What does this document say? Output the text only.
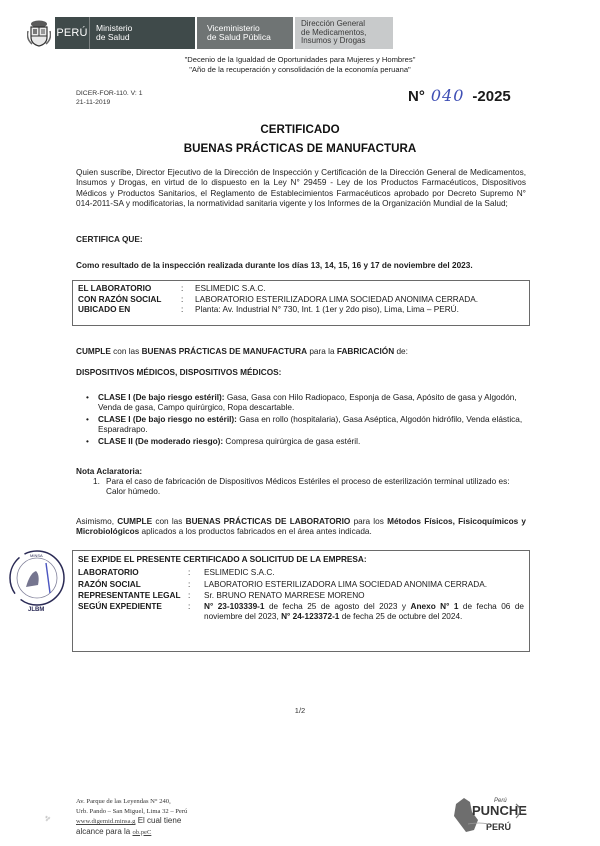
PERÚ Ministerio
de Salud
Viceministerio
de Salud Pública
Dirección General
de Medicamentos,
Insumos y Drogas
"Decenio de la Igualdad de Oportunidades para Mujeres y Hombres"
"Año de la recuperación y consolidación de la economía peruana"
DICER-FOR-110. V: 1
21-11-2019	N° 040 -2025
CERTIFICADO
BUENAS PRÁCTICAS DE MANUFACTURA
Quien suscribe, Director Ejecutivo de la Dirección de Inspección y Certificación de la Dirección General de Medicamentos, Insumos y Drogas, en virtud de lo dispuesto en la Ley N° 29459 - Ley de los Productos Farmacéuticos, Dispositivos Médicos y Productos Sanitarios, el Reglamento de Establecimientos Farmacéuticos aprobado por Decreto Supremo N° 014-2011-SA y modificatorias, la normatividad sanitaria vigente y los Informes de la Organización Mundial de la Salud;
CERTIFICA QUE:
Como resultado de la inspección realizada durante los días 13, 14, 15, 16 y 17 de noviembre del 2023.
EL LABORATORIO	:	ESLIMEDIC S.A.C.
CON RAZÓN SOCIAL	:	LABORATORIO ESTERILIZADORA LIMA SOCIEDAD ANONIMA CERRADA.
UBICADO EN	:	Planta: Av. Industrial N° 730, Int. 1 (1er y 2do piso), Lima, Lima – PERÚ.
CUMPLE con las BUENAS PRÁCTICAS DE MANUFACTURA para la FABRICACIÓN de:
DISPOSITIVOS MÉDICOS, DISPOSITIVOS MÉDICOS:
• CLASE I (De bajo riesgo estéril): Gasa, Gasa con Hilo Radiopaco, Esponja de Gasa, Apósito de gasa y Algodón, Venda de gasa, Campo quirúrgico, Ropa descartable.
• CLASE I (De bajo riesgo no estéril): Gasa en rollo (hospitalaria), Gasa Aséptica, Algodón hidrófilo, Venda elástica, Esparadrapo.
• CLASE II (De moderado riesgo): Compresa quirúrgica de gasa estéril.
Nota Aclaratoria:
1. Para el caso de fabricación de Dispositivos Médicos Estériles el proceso de esterilización terminal utilizado es: Calor húmedo.
Asimismo, CUMPLE con las BUENAS PRÁCTICAS DE LABORATORIO para los Métodos Físicos, Fisicoquímicos y Microbiológicos aplicados a los productos fabricados en el área antes indicada.
JLBM
MINSA	SE EXPIDE EL PRESENTE CERTIFICADO A SOLICITUD DE LA EMPRESA:
LABORATORIO	:	ESLIMEDIC S.A.C.
RAZÓN SOCIAL	:	LABORATORIO ESTERILIZADORA LIMA SOCIEDAD ANONIMA CERRADA.
REPRESENTANTE LEGAL :	Sr. BRUNO RENATO MARRESE MORENO
SEGÚN EXPEDIENTE	:	N° 23-103339-1 de fecha 25 de agosto del 2023 y Anexo N° 1 de fecha 06 de noviembre del 2023, N° 24-123372-1 de fecha 25 de octubre del 2024.
1/2
⁂
Av. Parque de las Leyendas N° 240,
Urb. Pando – San Miguel, Lima 32 – Perú
www.digemid.minsa.g El cual tiene
alcance para la ob.peC
PUNCHE
Perú
PERÚ
